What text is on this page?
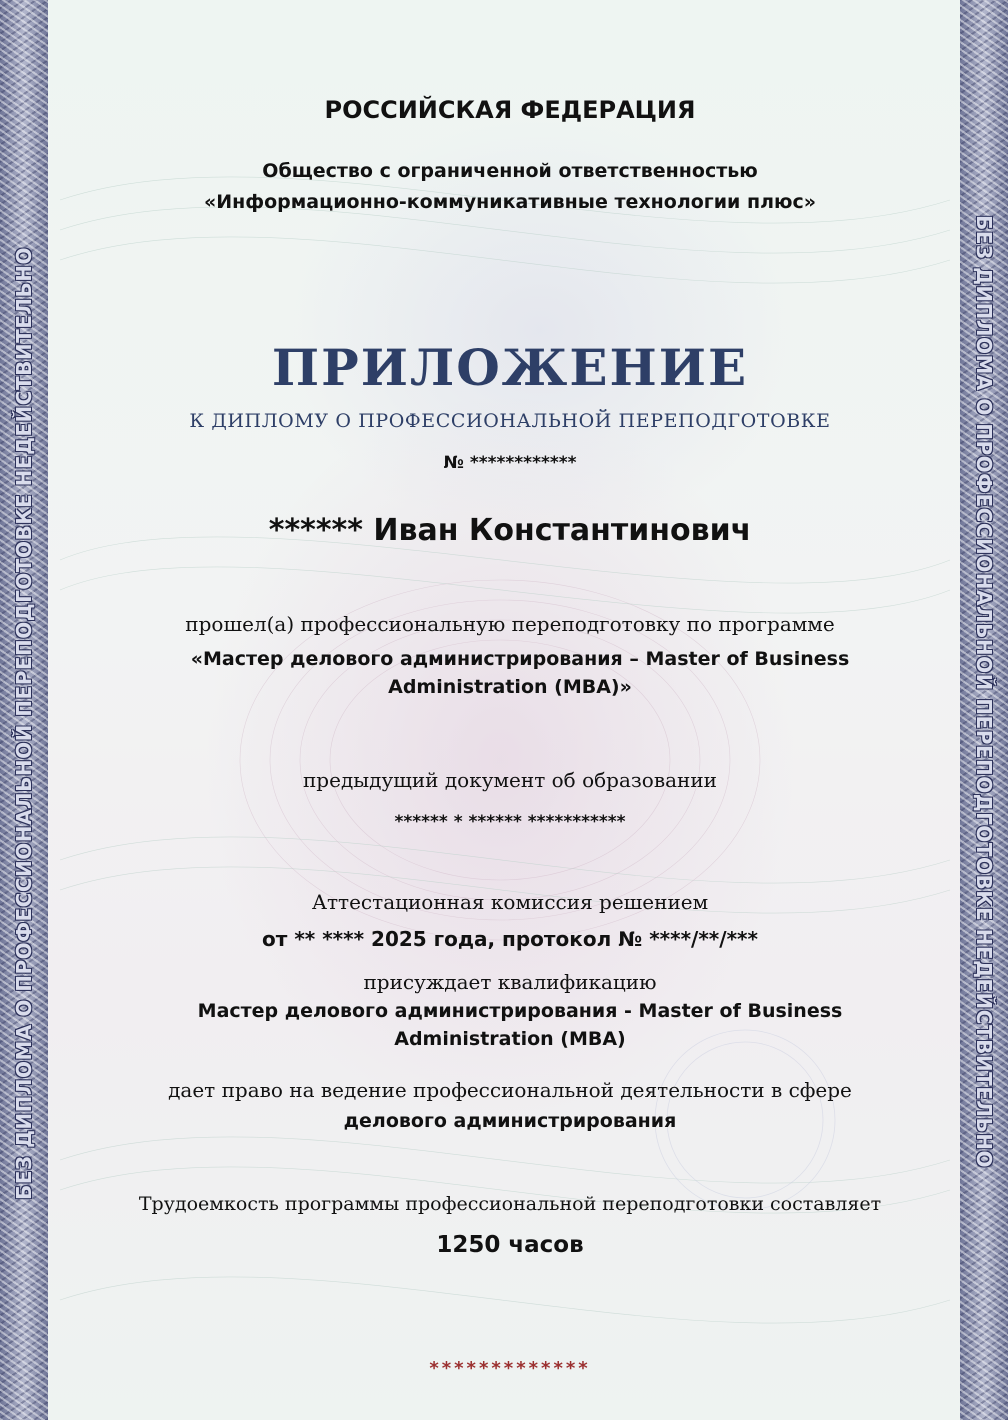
БЕЗ ДИПЛОМА О ПРОФЕССИОНАЛЬНОЙ ПЕРЕПОДГОТОВКЕ НЕДЕЙСТВИТЕЛЬНО	БЕЗ ДИПЛОМА О ПРОФЕССИОНАЛЬНОЙ ПЕРЕПОДГОТОВКЕ НЕДЕЙСТВИТЕЛЬНО

РОССИЙСКАЯ ФЕДЕРАЦИЯ

Общество с ограниченной ответственностью

«Информационно-коммуникативные технологии плюс»

ПРИЛОЖЕНИЕ

К ДИПЛОМУ О ПРОФЕССИОНАЛЬНОЙ ПЕРЕПОДГОТОВКЕ

№ ************

****** Иван Константинович

прошел(а) профессиональную переподготовку по программе

«Мастер делового администрирования – Master of Business

Administration (MBA)»

предыдущий документ об образовании

****** * ****** ***********

Аттестационная комиссия решением

от ** **** 2025 года, протокол № ****/**/***

присуждает квалификацию

Мастер делового администрирования - Master of Business

Administration (MBA)

дает право на ведение профессиональной деятельности в сфере

делового администрирования

Трудоемкость программы профессиональной переподготовки составляет

1250 часов

*************
